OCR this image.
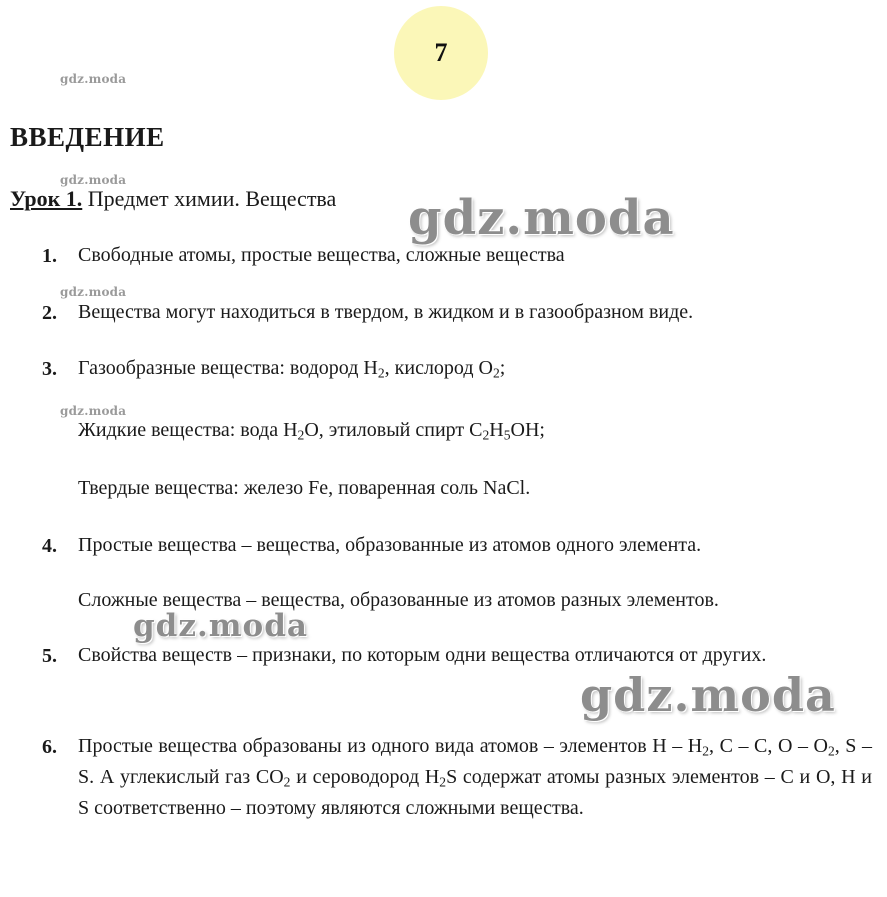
7
gdz.moda
gdz.moda
gdz.moda
gdz.moda
ВВЕДЕНИЕ
Урок 1. Предмет химии. Вещества
1. Свободные атомы, простые вещества, сложные вещества
2. Вещества могут находиться в твердом, в жидком и в газообразном виде.
3. Газообразные вещества: водород $H_2$, кислород $O_2$;
Жидкие вещества: вода $H_2O$, этиловый спирт $C_2H_5OH$;
Твердые вещества: железо Fe, поваренная соль NaCl.
4. Простые вещества – вещества, образованные из атомов одного элемента.
Сложные вещества – вещества, образованные из атомов разных элементов.
5. Свойства веществ – признаки, по которым одни вещества отличаются от других.
6. Простые вещества образованы из одного вида атомов – элементов H – $H_2$, C – C, O – $O_2$, S – S. А углекислый газ $CO_2$ и сероводород $H_2S$ содержат атомы разных элементов – C и O, H и S соответственно – поэтому являются сложными вещества.
gdz.moda
gdz.moda
gdz.moda
